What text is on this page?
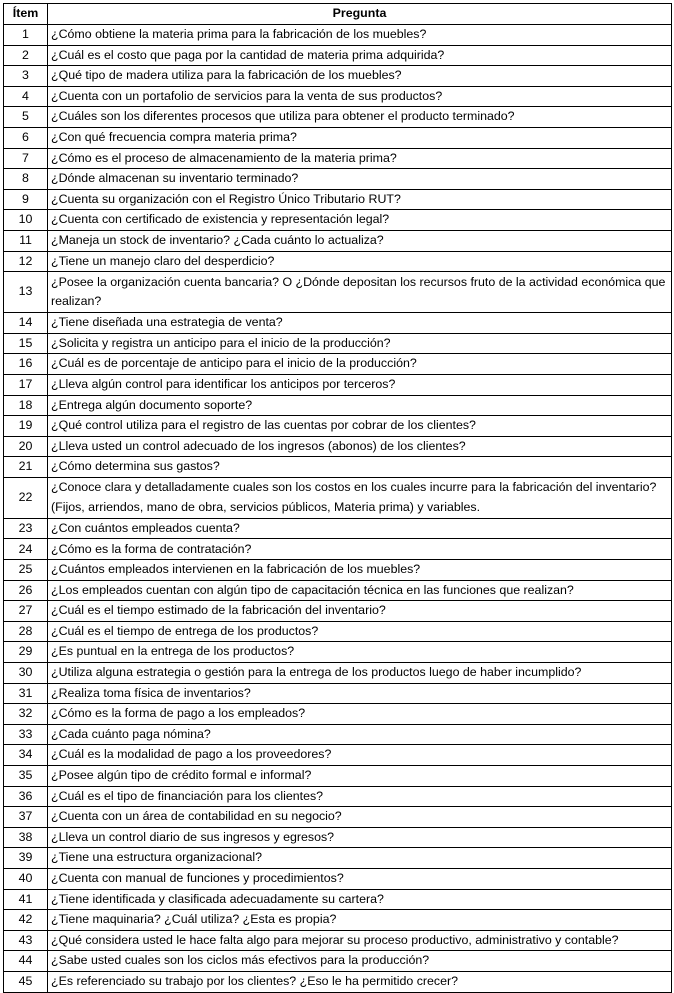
Ítem	Pregunta
1	¿Cómo obtiene la materia prima para la fabricación de los muebles?
2	¿Cuál es el costo que paga por la cantidad de materia prima adquirida?
3	¿Qué tipo de madera utiliza para la fabricación de los muebles?
4	¿Cuenta con un portafolio de servicios para la venta de sus productos?
5	¿Cuáles son los diferentes procesos que utiliza para obtener el producto terminado?
6	¿Con qué frecuencia compra materia prima?
7	¿Cómo es el proceso de almacenamiento de la materia prima?
8	¿Dónde almacenan su inventario terminado?
9	¿Cuenta su organización con el Registro Único Tributario RUT?
10	¿Cuenta con certificado de existencia y representación legal?
11	¿Maneja un stock de inventario? ¿Cada cuánto lo actualiza?
12	¿Tiene un manejo claro del desperdicio?
13	¿Posee la organización cuenta bancaria? O ¿Dónde depositan los recursos fruto de la actividad económica que realizan?
14	¿Tiene diseñada una estrategia de venta?
15	¿Solicita y registra un anticipo para el inicio de la producción?
16	¿Cuál es de porcentaje de anticipo para el inicio de la producción?
17	¿Lleva algún control para identificar los anticipos por terceros?
18	¿Entrega algún documento soporte?
19	¿Qué control utiliza para el registro de las cuentas por cobrar de los clientes?
20	¿Lleva usted un control adecuado de los ingresos (abonos) de los clientes?
21	¿Cómo determina sus gastos?
22	¿Conoce clara y detalladamente cuales son los costos en los cuales incurre para la fabricación del inventario? (Fijos, arriendos, mano de obra, servicios públicos, Materia prima) y variables.
23	¿Con cuántos empleados cuenta?
24	¿Cómo es la forma de contratación?
25	¿Cuántos empleados intervienen en la fabricación de los muebles?
26	¿Los empleados cuentan con algún tipo de capacitación técnica en las funciones que realizan?
27	¿Cuál es el tiempo estimado de la fabricación del inventario?
28	¿Cuál es el tiempo de entrega de los productos?
29	¿Es puntual en la entrega de los productos?
30	¿Utiliza alguna estrategia o gestión para la entrega de los productos luego de haber incumplido?
31	¿Realiza toma física de inventarios?
32	¿Cómo es la forma de pago a los empleados?
33	¿Cada cuánto paga nómina?
34	¿Cuál es la modalidad de pago a los proveedores?
35	¿Posee algún tipo de crédito formal e informal?
36	¿Cuál es el tipo de financiación para los clientes?
37	¿Cuenta con un área de contabilidad en su negocio?
38	¿Lleva un control diario de sus ingresos y egresos?
39	¿Tiene una estructura organizacional?
40	¿Cuenta con manual de funciones y procedimientos?
41	¿Tiene identificada y clasificada adecuadamente su cartera?
42	¿Tiene maquinaria? ¿Cuál utiliza? ¿Esta es propia?
43	¿Qué considera usted le hace falta algo para mejorar su proceso productivo, administrativo y contable?
44	¿Sabe usted cuales son los ciclos más efectivos para la producción?
45	¿Es referenciado su trabajo por los clientes? ¿Eso le ha permitido crecer?
